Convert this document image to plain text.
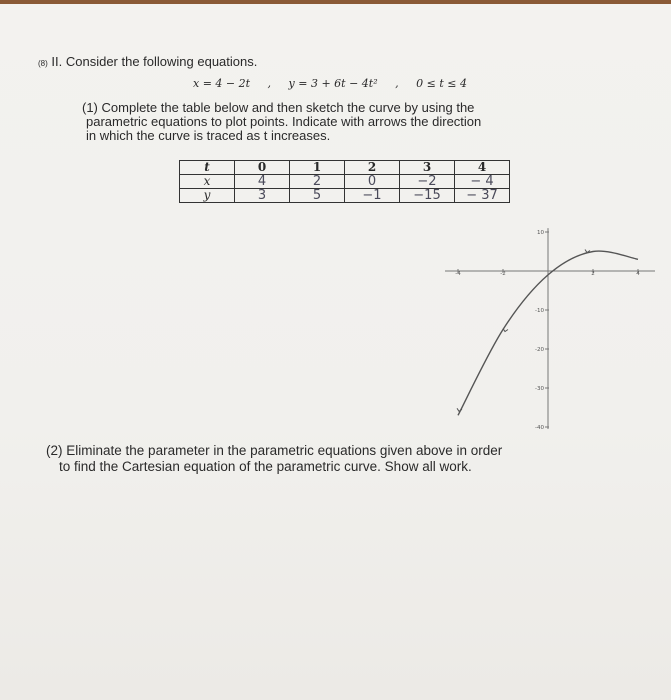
(8) II. Consider the following equations.
x = 4 − 2t , y = 3 + 6t − 4t² , 0 ≤ t ≤ 4
(1) Complete the table below and then sketch the curve by using the
parametric equations to plot points. Indicate with arrows the direction
in which the curve is traced as t increases.
t	0	1	2	3	4
x	4	2	0	−2	− 4
y	3	5	−1	−15	− 37
-4	-2	2	4
10
-10
-20
-30
-40
(2) Eliminate the parameter in the parametric equations given above in order
to find the Cartesian equation of the parametric curve. Show all work.
